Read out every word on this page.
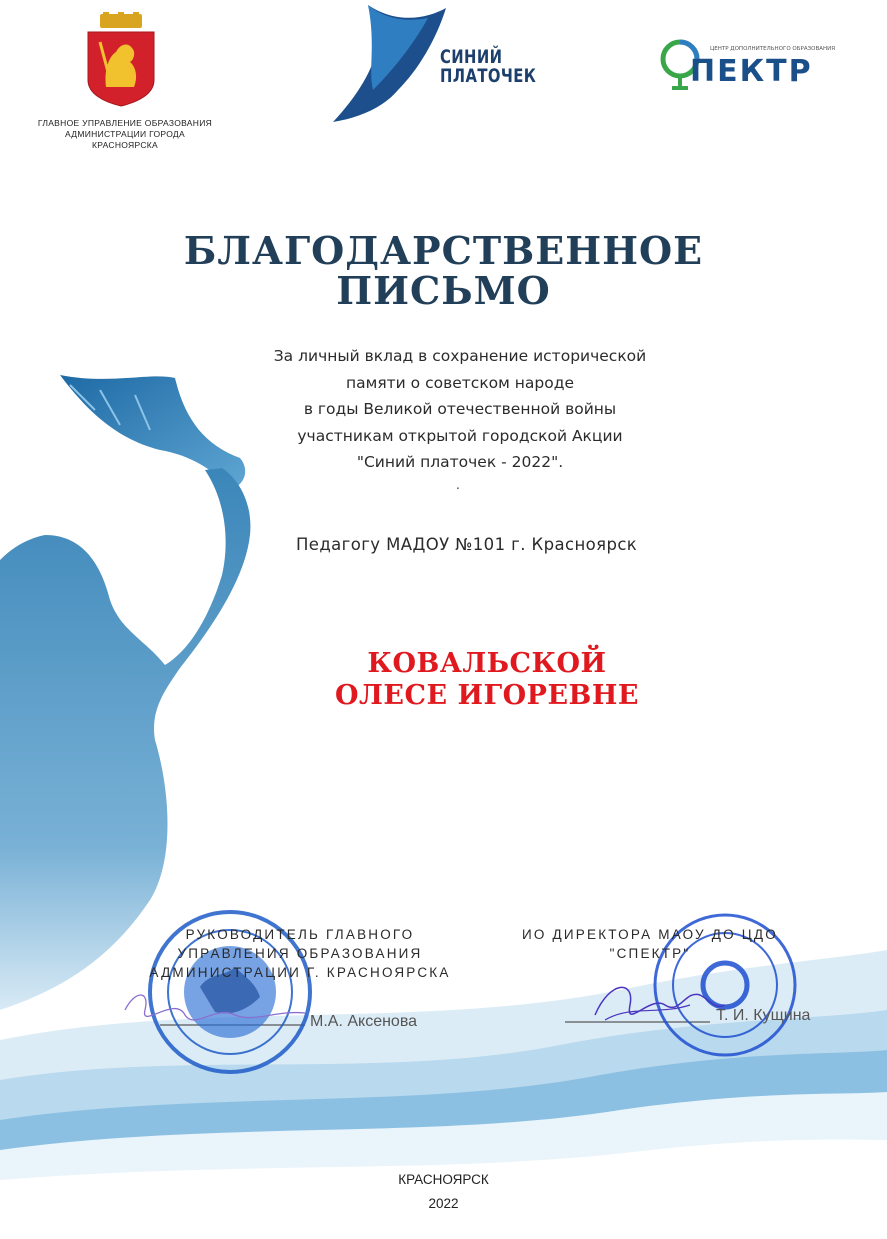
ГЛАВНОЕ УПРАВЛЕНИЕ ОБРАЗОВАНИЯ
АДМИНИСТРАЦИИ ГОРОДА
КРАСНОЯРСКА
СИНИЙ
ПЛАТОЧЕК
ЦЕНТР ДОПОЛНИТЕЛЬНОГО ОБРАЗОВАНИЯ
ПЕКТР
БЛАГОДАРСТВЕННОЕ
ПИСЬМО
За личный вклад в сохранение исторической
памяти о советском народе
в годы Великой отечественной войны
участникам открытой городской Акции
"Синий платочек - 2022".
.
Педагогу МАДОУ №101 г. Красноярск
КОВАЛЬСКОЙ
ОЛЕСЕ ИГОРЕВНЕ
РУКОВОДИТЕЛЬ ГЛАВНОГО
УПРАВЛЕНИЯ ОБРАЗОВАНИЯ
АДМИНИСТРАЦИИ Г. КРАСНОЯРСКА
М.А. Аксенова
ИО ДИРЕКТОРА МАОУ ДО ЦДО
"СПЕКТР"
Т. И. Кущина
КРАСНОЯРСК
2022
